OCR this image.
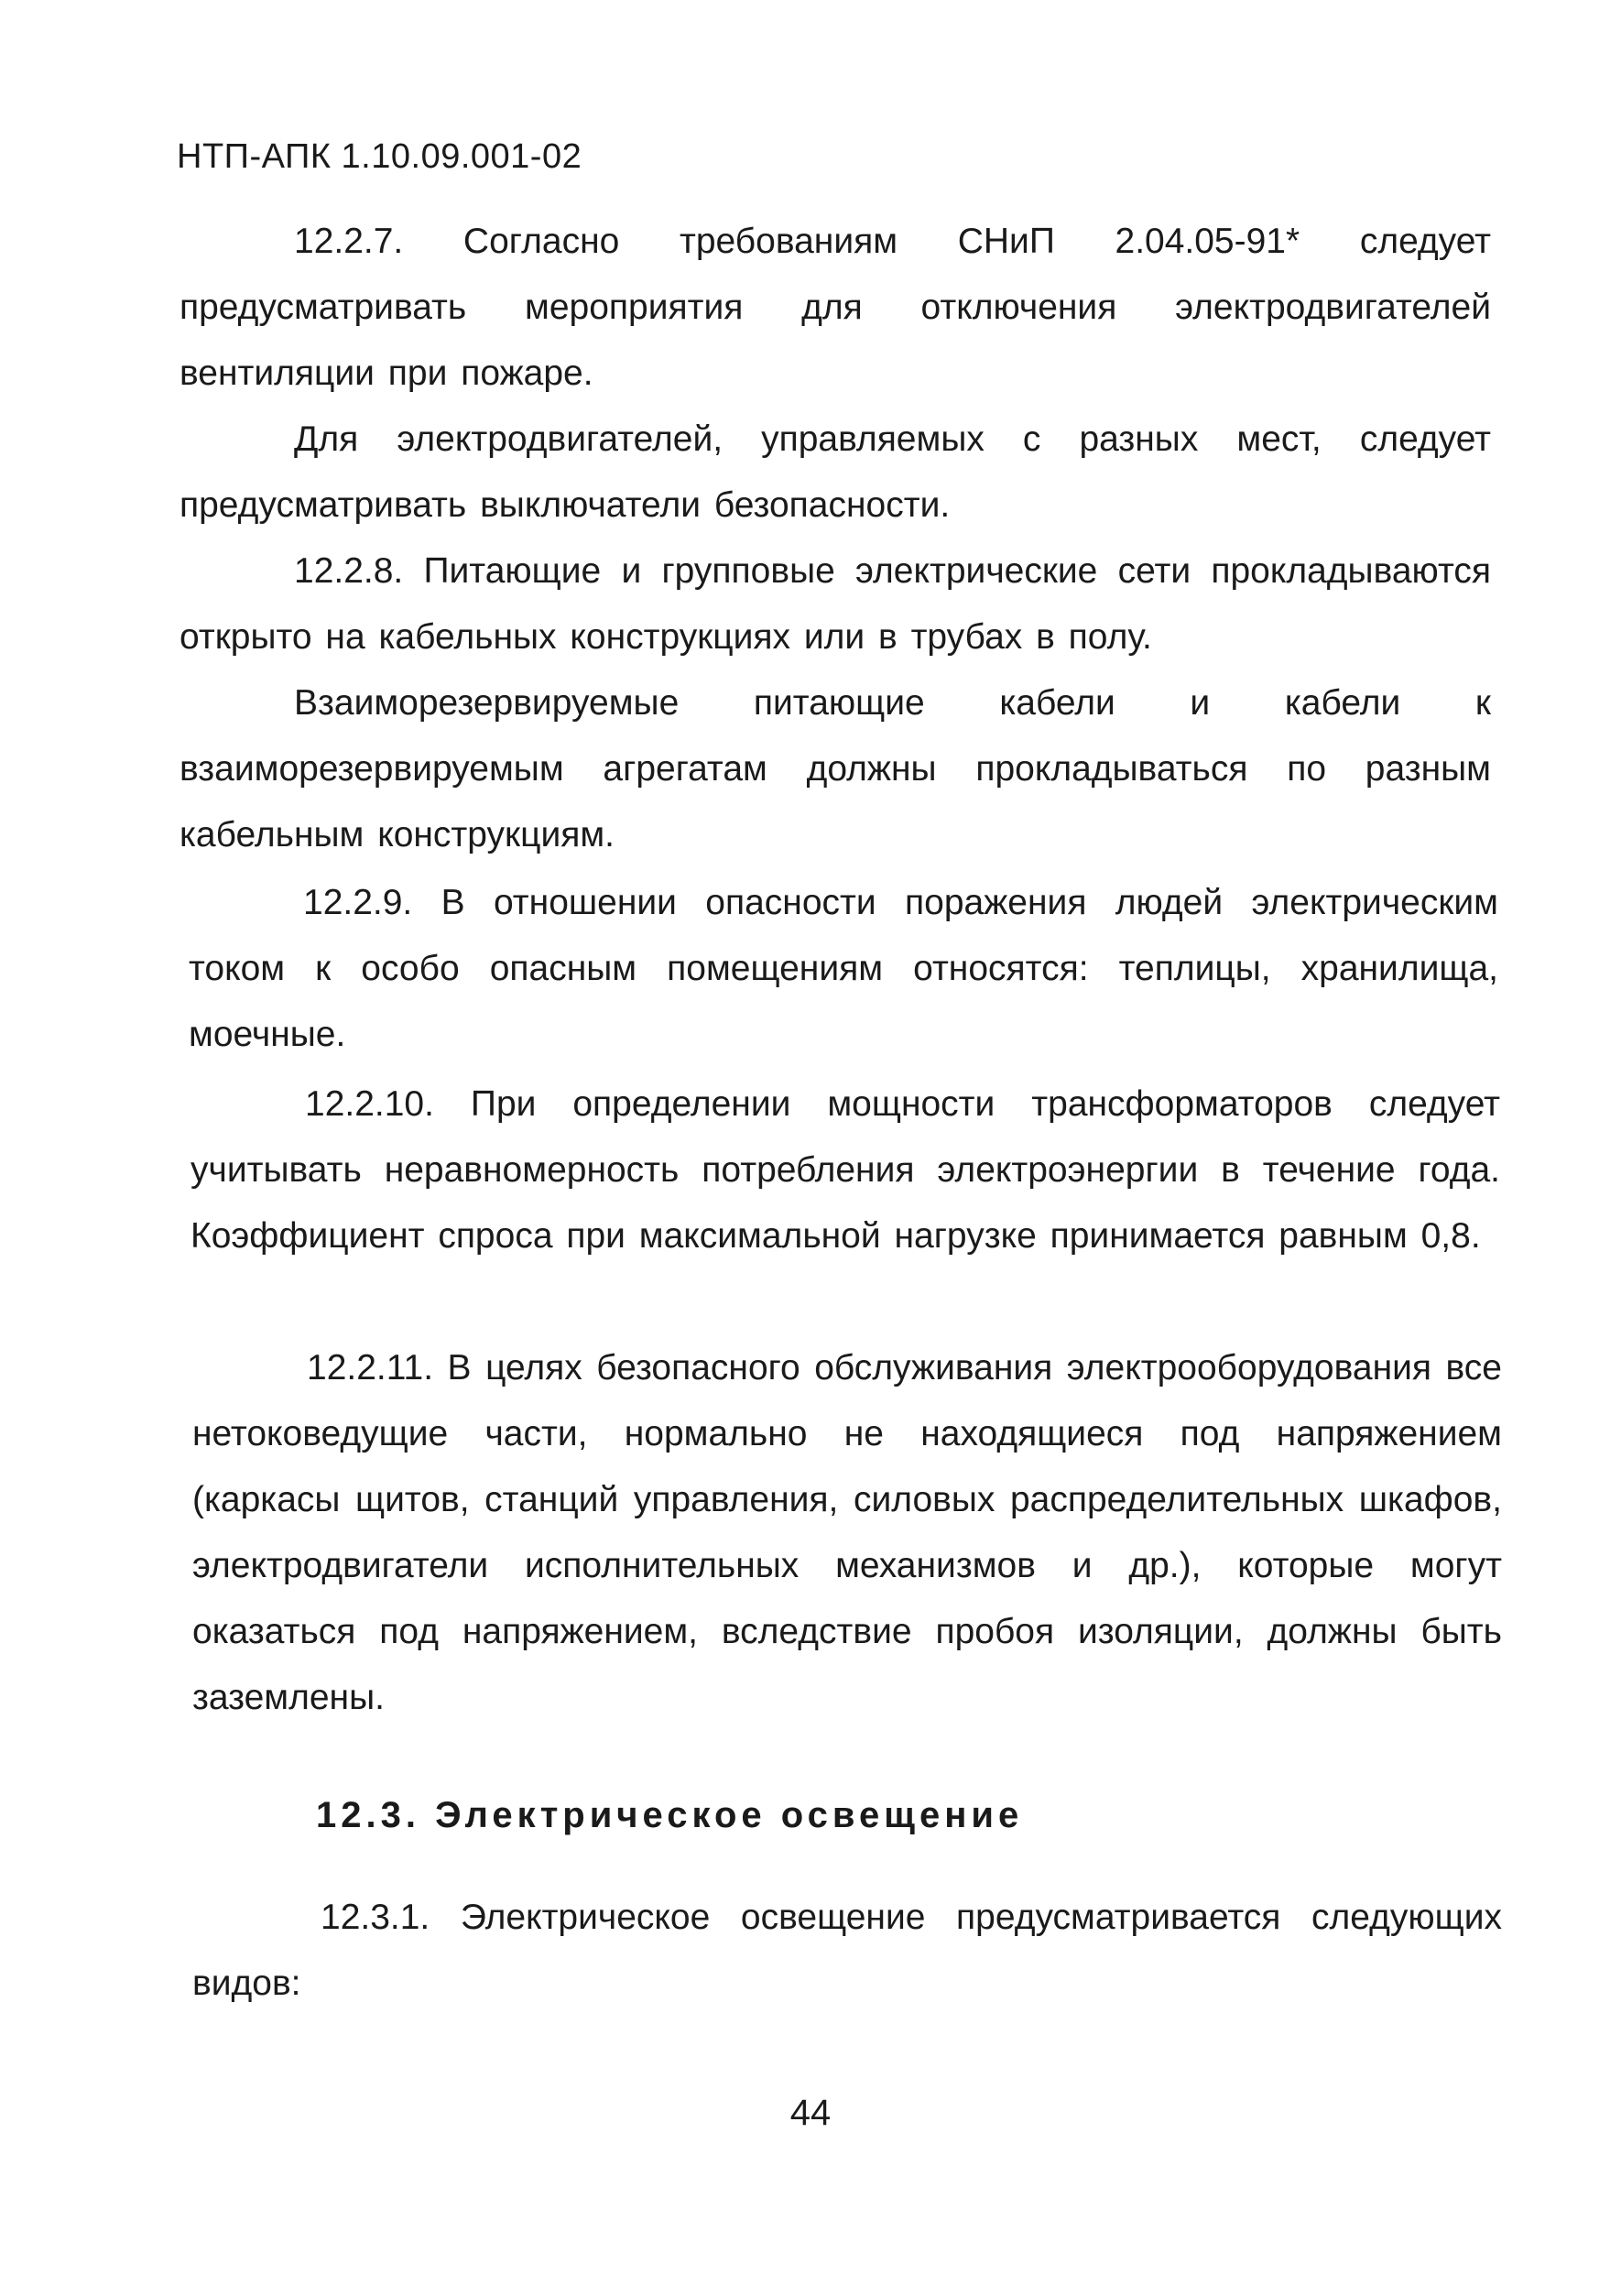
НТП-АПК 1.10.09.001-02
12.2.7. Согласно требованиям СНиП 2.04.05-91* следует предусматривать мероприятия для отключения электродвигателей вентиляции при пожаре.
Для электродвигателей, управляемых с разных мест, следует предусматривать выключатели безопасности.
12.2.8. Питающие и групповые электрические сети прокладываются открыто на кабельных конструкциях или в трубах в полу.
Взаиморезервируемые питающие кабели и кабели к взаиморезервируемым агрегатам должны прокладываться по разным кабельным конструкциям.
12.2.9. В отношении опасности поражения людей электрическим током к особо опасным помещениям относятся: теплицы, хранилища, моечные.
12.2.10. При определении мощности трансформаторов следует учитывать неравномерность потребления электроэнергии в течение года. Коэффициент спроса при максимальной нагрузке принимается равным 0,8.
12.2.11. В целях безопасного обслуживания электрооборудования все нетоковедущие части, нормально не находящиеся под напряжением (каркасы щитов, станций управления, силовых распределительных шкафов, электродвигатели исполнительных механизмов и др.), которые могут оказаться под напряжением, вследствие пробоя изоляции, должны быть заземлены.
12.3. Электрическое освещение
12.3.1. Электрическое освещение предусматривается следующих видов:
44
